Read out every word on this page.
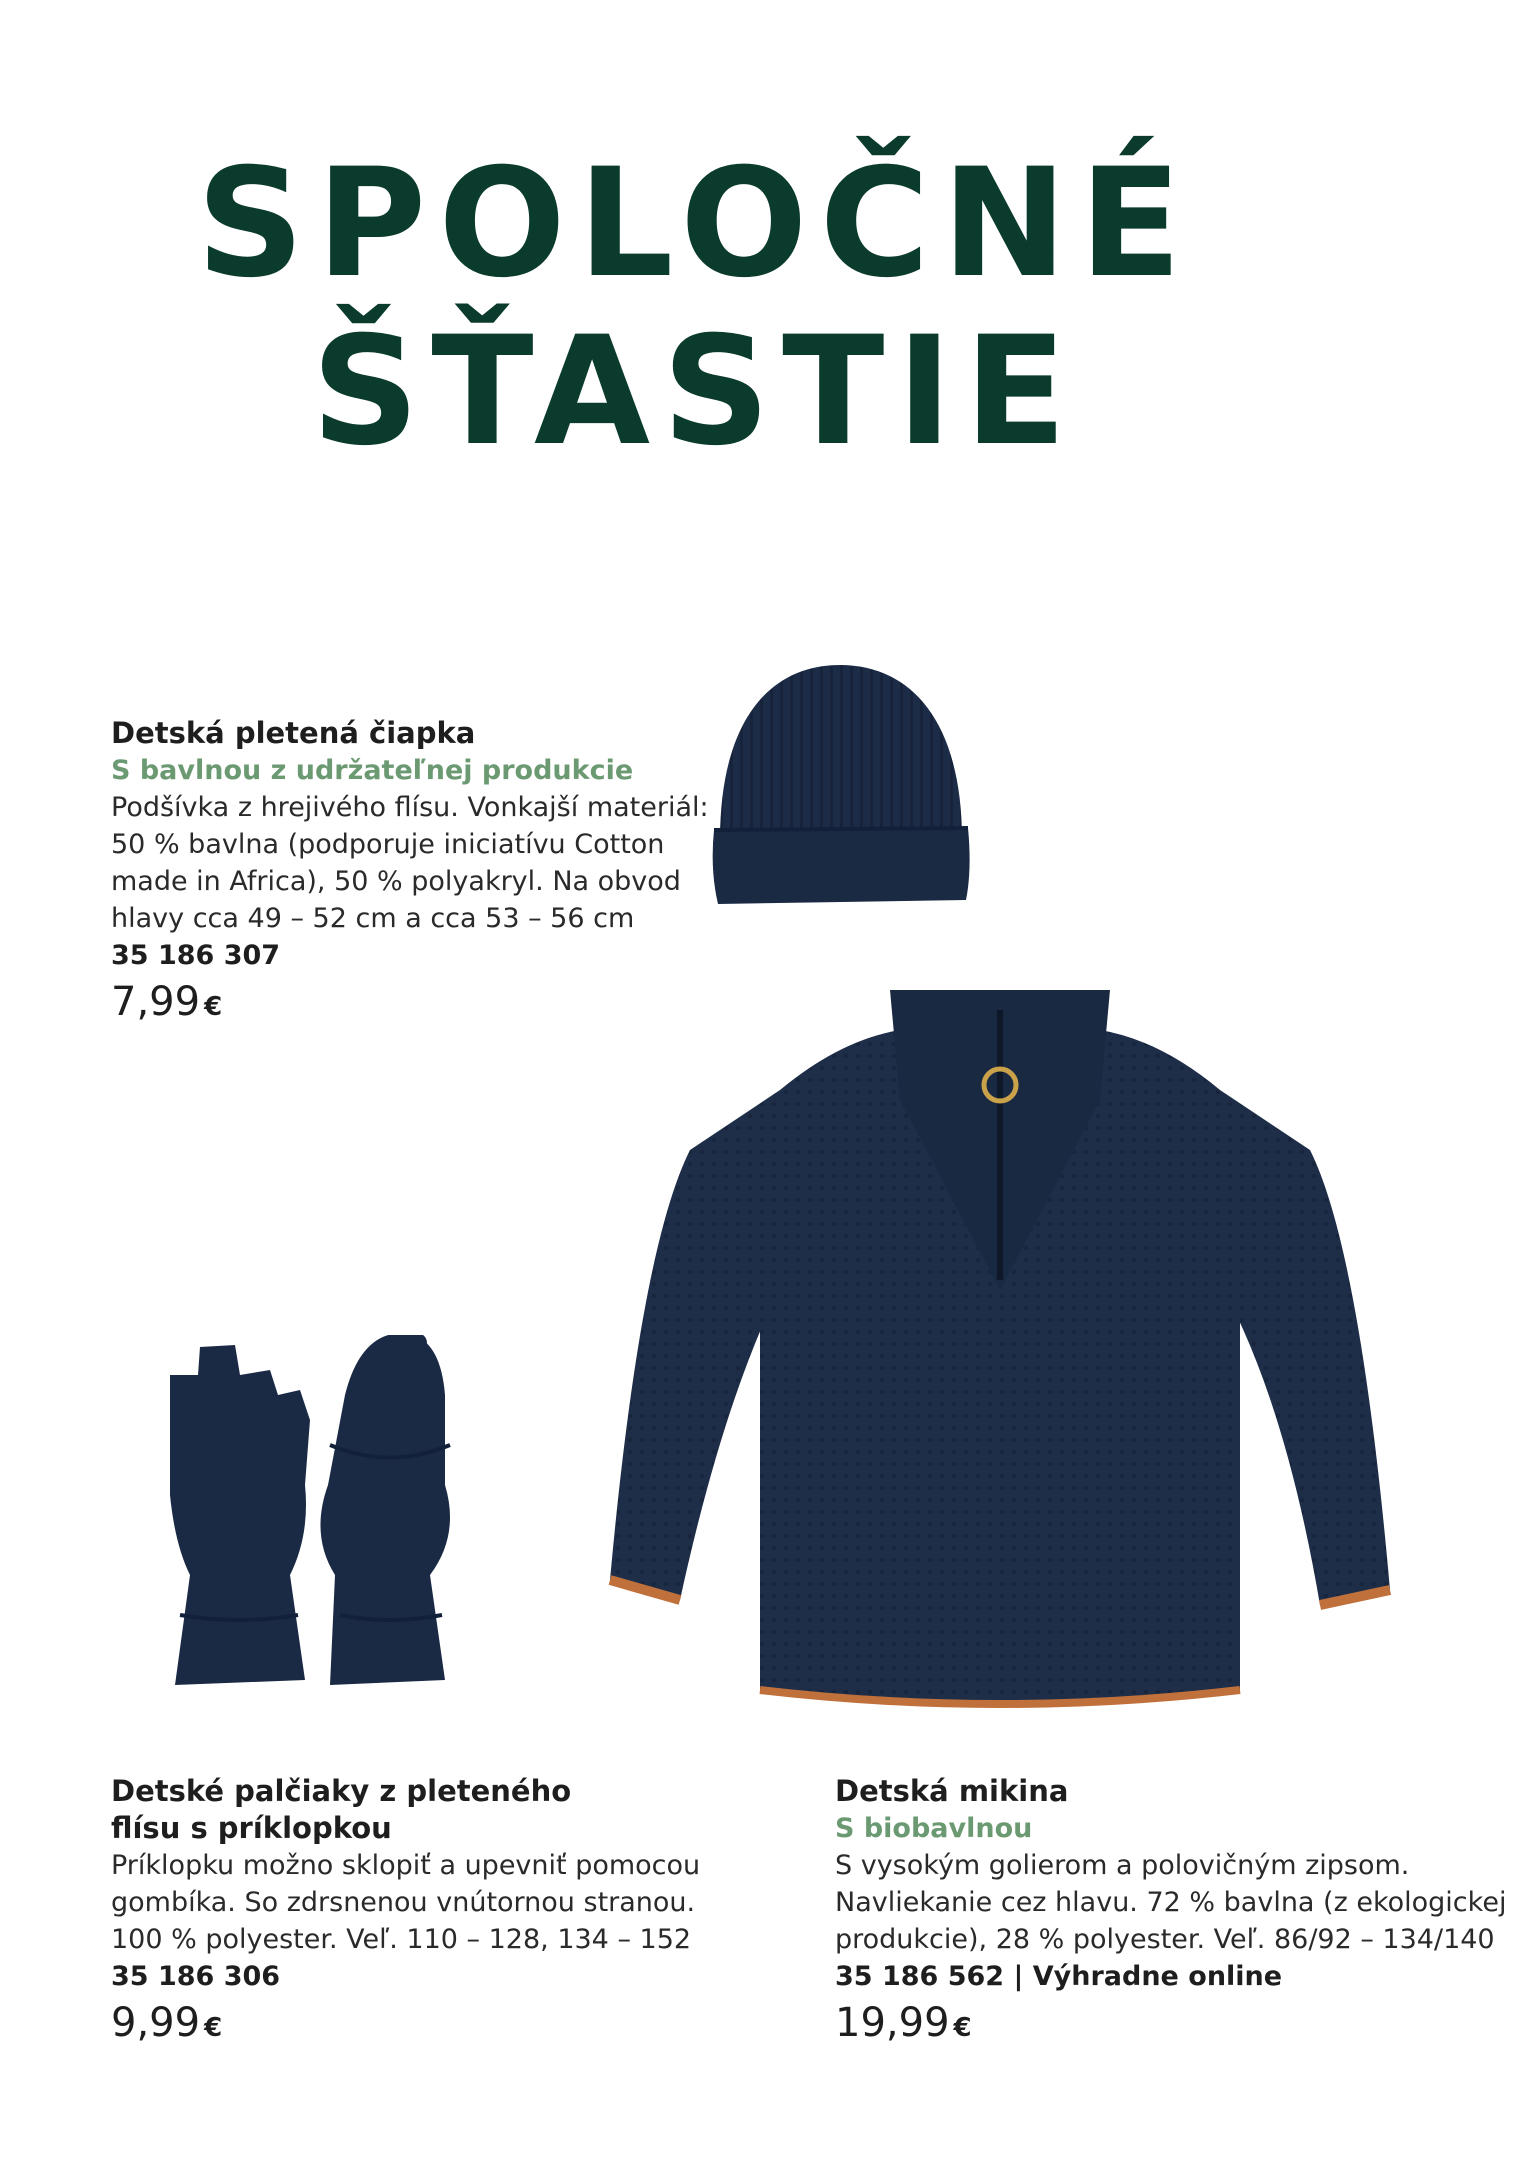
SPOLOČNÉ
ŠŤASTIE
Detská pletená čiapka
S bavlnou z udržateľnej produkcie
Podšívka z hrejivého flísu. Vonkajší materiál:
50 % bavlna (podporuje iniciatívu Cotton
made in Africa), 50 % polyakryl. Na obvod
hlavy cca 49 – 52 cm a cca 53 – 56 cm
35 186 307
7,99 €
Detské palčiaky z pleteného
flísu s príklopkou
Príklopku možno sklopiť a upevniť pomocou
gombíka. So zdrsnenou vnútornou stranou.
100 % polyester. Veľ. 110 – 128, 134 – 152
35 186 306
9,99 €
Detská mikina
S biobavlnou
S vysokým golierom a polovičným zipsom.
Navliekanie cez hlavu. 72 % bavlna (z ekologickej
produkcie), 28 % polyester. Veľ. 86/92 – 134/140
35 186 562 | Výhradne online
19,99 €
